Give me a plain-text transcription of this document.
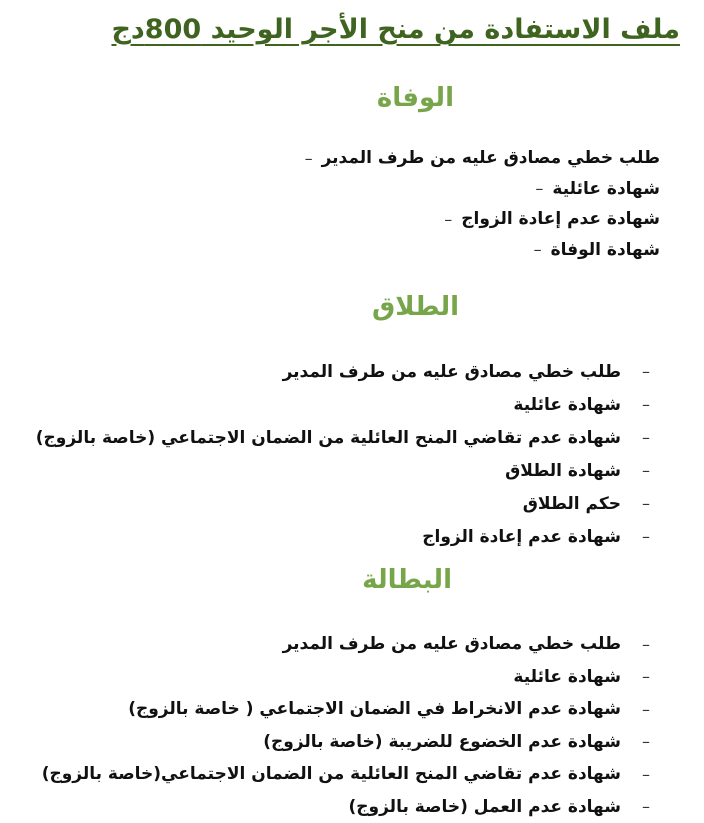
ملف الاستفادة من منح الأجر الوحيد 800دج
الوفاة
طلب خطي مصادق عليه من طرف المدير
–
شهادة عائلية
–
شهادة عدم إعادة الزواج
–
شهادة الوفاة
–
الطلاق
–
طلب خطي مصادق عليه من طرف المدير
–
شهادة عائلية
–
شهادة عدم تقاضي المنح العائلية من الضمان الاجتماعي (خاصة بالزوج)
–
شهادة الطلاق
–
حكم الطلاق
–
شهادة عدم إعادة الزواج
البطالة
–
طلب خطي مصادق عليه من طرف المدير
–
شهادة عائلية
–
شهادة عدم الانخراط في الضمان الاجتماعي ( خاصة بالزوج)
–
شهادة عدم الخضوع للضريبة (خاصة بالزوج)
–
شهادة عدم تقاضي المنح العائلية من الضمان الاجتماعي(خاصة بالزوج)
–
شهادة عدم العمل (خاصة بالزوج)
